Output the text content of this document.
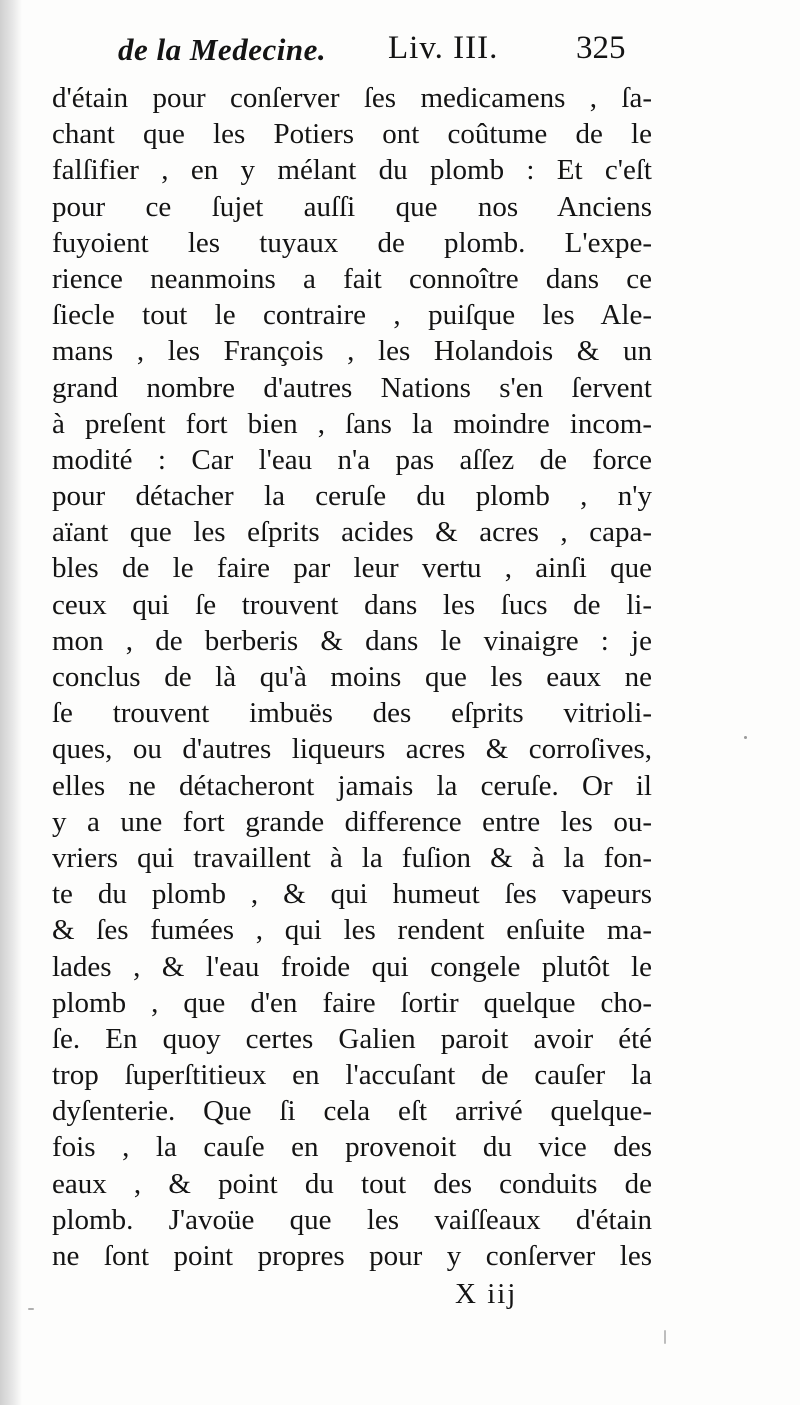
de la Medecine. Liv. III. 325
d'étain pour conſerver ſes medicamens , ſa-
chant que les Potiers ont coûtume de le
falſifier , en y mélant du plomb : Et c'eſt
pour ce ſujet auſſi que nos Anciens
fuyoient les tuyaux de plomb. L'expe-
rience neanmoins a fait connoître dans ce
ſiecle tout le contraire , puiſque les Ale-
mans , les François , les Holandois & un
grand nombre d'autres Nations s'en ſervent
à preſent fort bien , ſans la moindre incom-
modité : Car l'eau n'a pas aſſez de force
pour détacher la ceruſe du plomb , n'y
aïant que les eſprits acides & acres , capa-
bles de le faire par leur vertu , ainſi que
ceux qui ſe trouvent dans les ſucs de li-
mon , de berberis & dans le vinaigre : je
conclus de là qu'à moins que les eaux ne
ſe trouvent imbuës des eſprits vitrioli-
ques, ou d'autres liqueurs acres & corroſives,
elles ne détacheront jamais la ceruſe. Or il
y a une fort grande difference entre les ou-
vriers qui travaillent à la fuſion & à la fon-
te du plomb , & qui humeut ſes vapeurs
& ſes fumées , qui les rendent enſuite ma-
lades , & l'eau froide qui congele plutôt le
plomb , que d'en faire ſortir quelque cho-
ſe. En quoy certes Galien paroit avoir été
trop ſuperſtitieux en l'accuſant de cauſer la
dyſenterie. Que ſi cela eſt arrivé quelque-
fois , la cauſe en provenoit du vice des
eaux , & point du tout des conduits de
plomb. J'avoüe que les vaiſſeaux d'étain
ne ſont point propres pour y conſerver les
X iij
